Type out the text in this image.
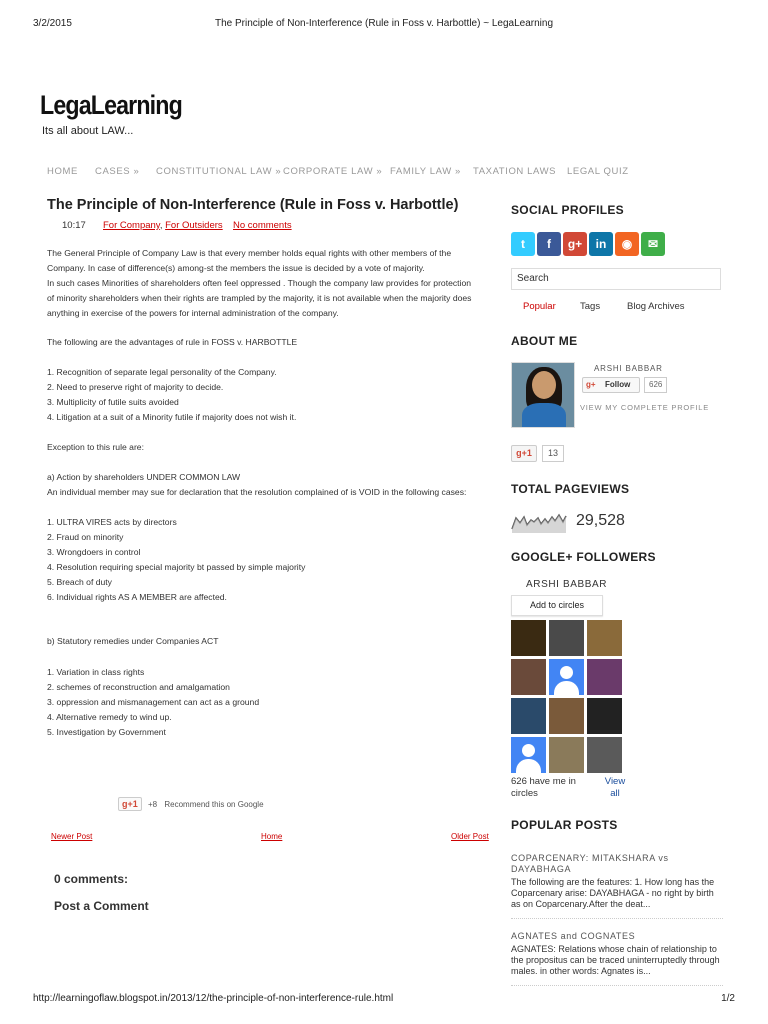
3/2/2015	The Principle of Non-Interference (Rule in Foss v. Harbottle) ~ LegaLearning
LegaLearning
Its all about LAW...
HOME CASES » CONSTITUTIONAL LAW » CORPORATE LAW » FAMILY LAW » TAXATION LAWS LEGAL QUIZ
The Principle of Non-Interference (Rule in Foss v. Harbottle)
10:17 For Company, For Outsiders No comments
The General Principle of Company Law is that every member holds equal rights with other members of the
Company. In case of difference(s) among-st the members the issue is decided by a vote of majority.
In such cases Minorities of shareholders often feel oppressed . Though the company law provides for protection
of minority shareholders when their rights are trampled by the majority, it is not available when the majority does
anything in exercise of the powers for internal administration of the company.
The following are the advantages of rule in FOSS v. HARBOTTLE
1. Recognition of separate legal personality of the Company.
2. Need to preserve right of majority to decide.
3. Multiplicity of futile suits avoided
4. Litigation at a suit of a Minority futile if majority does not wish it.
Exception to this rule are:
a) Action by shareholders UNDER COMMON LAW
An individual member may sue for declaration that the resolution complained of is VOID in the following cases:
1. ULTRA VIRES acts by directors
2. Fraud on minority
3. Wrongdoers in control
4. Resolution requiring special majority bt passed by simple majority
5. Breach of duty
6. Individual rights AS A MEMBER are affected.
b) Statutory remedies under Companies ACT
1. Variation in class rights
2. schemes of reconstruction and amalgamation
3. oppression and mismanagement can act as a ground
4. Alternative remedy to wind up.
5. Investigation by Government
g+1 +8 Recommend this on Google
Newer Post	Home	Older Post
0 comments:
Post a Comment
SOCIAL PROFILES
t	f	g+	in	◉	✉
Search
Popular	Tags	Blog Archives
ABOUT ME
ARSHI BABBAR
g+ Follow	626
VIEW MY COMPLETE PROFILE
g+1	13
TOTAL PAGEVIEWS
29,528
GOOGLE+ FOLLOWERS
ARSHI BABBAR
Add to circles
626 have me in circles
View all
POPULAR POSTS
COPARCENARY: MITAKSHARA vs DAYABHAGA
The following are the features: 1. How long has the Coparcenary arise: DAYABHAGA - no right by birth as on Coparcenary.After the deat...
AGNATES and COGNATES
AGNATES: Relations whose chain of relationship to the propositus can be traced uninterruptedly through males. in other words: Agnates is...
http://learningoflaw.blogspot.in/2013/12/the-principle-of-non-interference-rule.html	1/2
